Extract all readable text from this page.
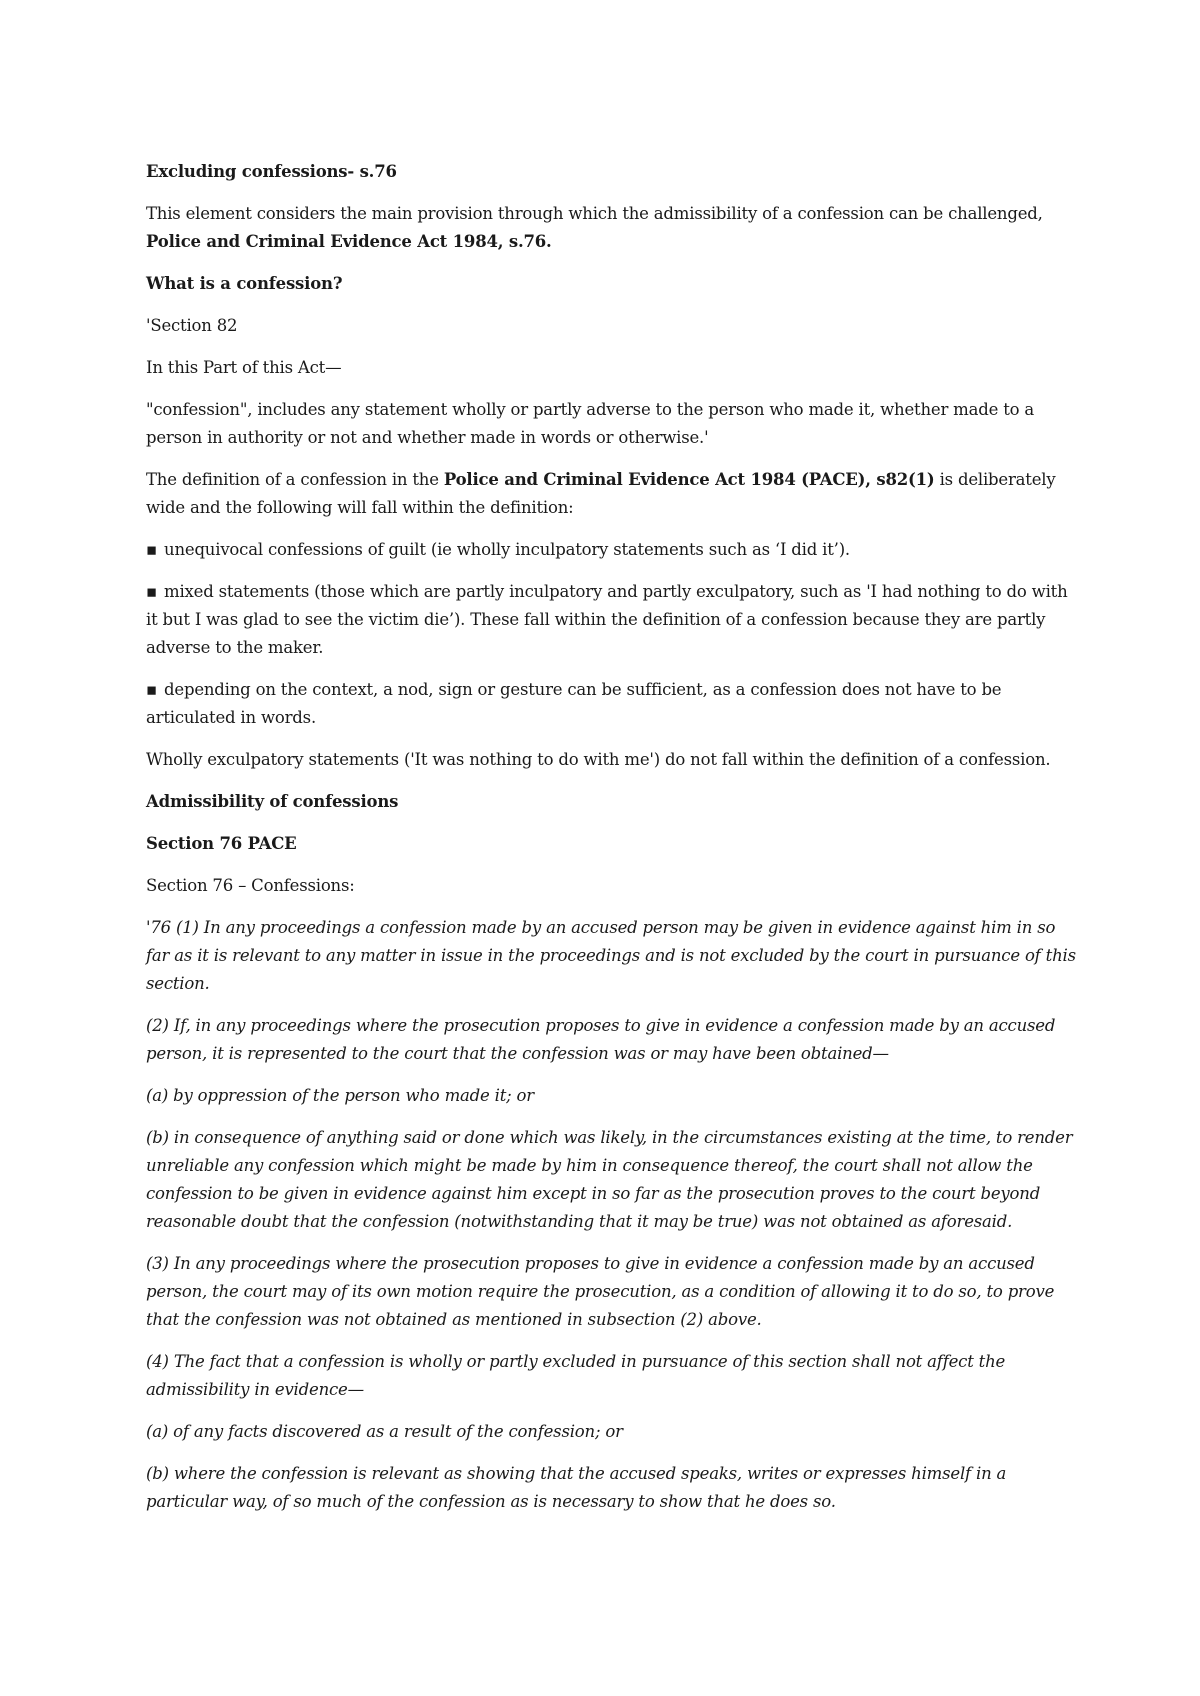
Excluding confessions- s.76

This element considers the main provision through which the admissibility of a confession can be challenged,
Police and Criminal Evidence Act 1984, s.76.

What is a confession?

'Section 82

In this Part of this Act—

"confession", includes any statement wholly or partly adverse to the person who made it, whether made to a person in authority or not and whether made in words or otherwise.'

The definition of a confession in the Police and Criminal Evidence Act 1984 (PACE), s82(1) is deliberately wide and the following will fall within the definition:

▪ unequivocal confessions of guilt (ie wholly inculpatory statements such as ‘I did it’).

▪ mixed statements (those which are partly inculpatory and partly exculpatory, such as 'I had nothing to do with it but I was glad to see the victim die’). These fall within the definition of a confession because they are partly adverse to the maker.

▪ depending on the context, a nod, sign or gesture can be sufficient, as a confession does not have to be articulated in words.

Wholly exculpatory statements ('It was nothing to do with me') do not fall within the definition of a confession.

Admissibility of confessions

Section 76 PACE

Section 76 – Confessions:

'76 (1) In any proceedings a confession made by an accused person may be given in evidence against him in so far as it is relevant to any matter in issue in the proceedings and is not excluded by the court in pursuance of this section.

(2) If, in any proceedings where the prosecution proposes to give in evidence a confession made by an accused person, it is represented to the court that the confession was or may have been obtained—

(a) by oppression of the person who made it; or

(b) in consequence of anything said or done which was likely, in the circumstances existing at the time, to render unreliable any confession which might be made by him in consequence thereof, the court shall not allow the confession to be given in evidence against him except in so far as the prosecution proves to the court beyond reasonable doubt that the confession (notwithstanding that it may be true) was not obtained as aforesaid.

(3) In any proceedings where the prosecution proposes to give in evidence a confession made by an accused person, the court may of its own motion require the prosecution, as a condition of allowing it to do so, to prove that the confession was not obtained as mentioned in subsection (2) above.

(4) The fact that a confession is wholly or partly excluded in pursuance of this section shall not affect the admissibility in evidence—

(a) of any facts discovered as a result of the confession; or

(b) where the confession is relevant as showing that the accused speaks, writes or expresses himself in a particular way, of so much of the confession as is necessary to show that he does so.
